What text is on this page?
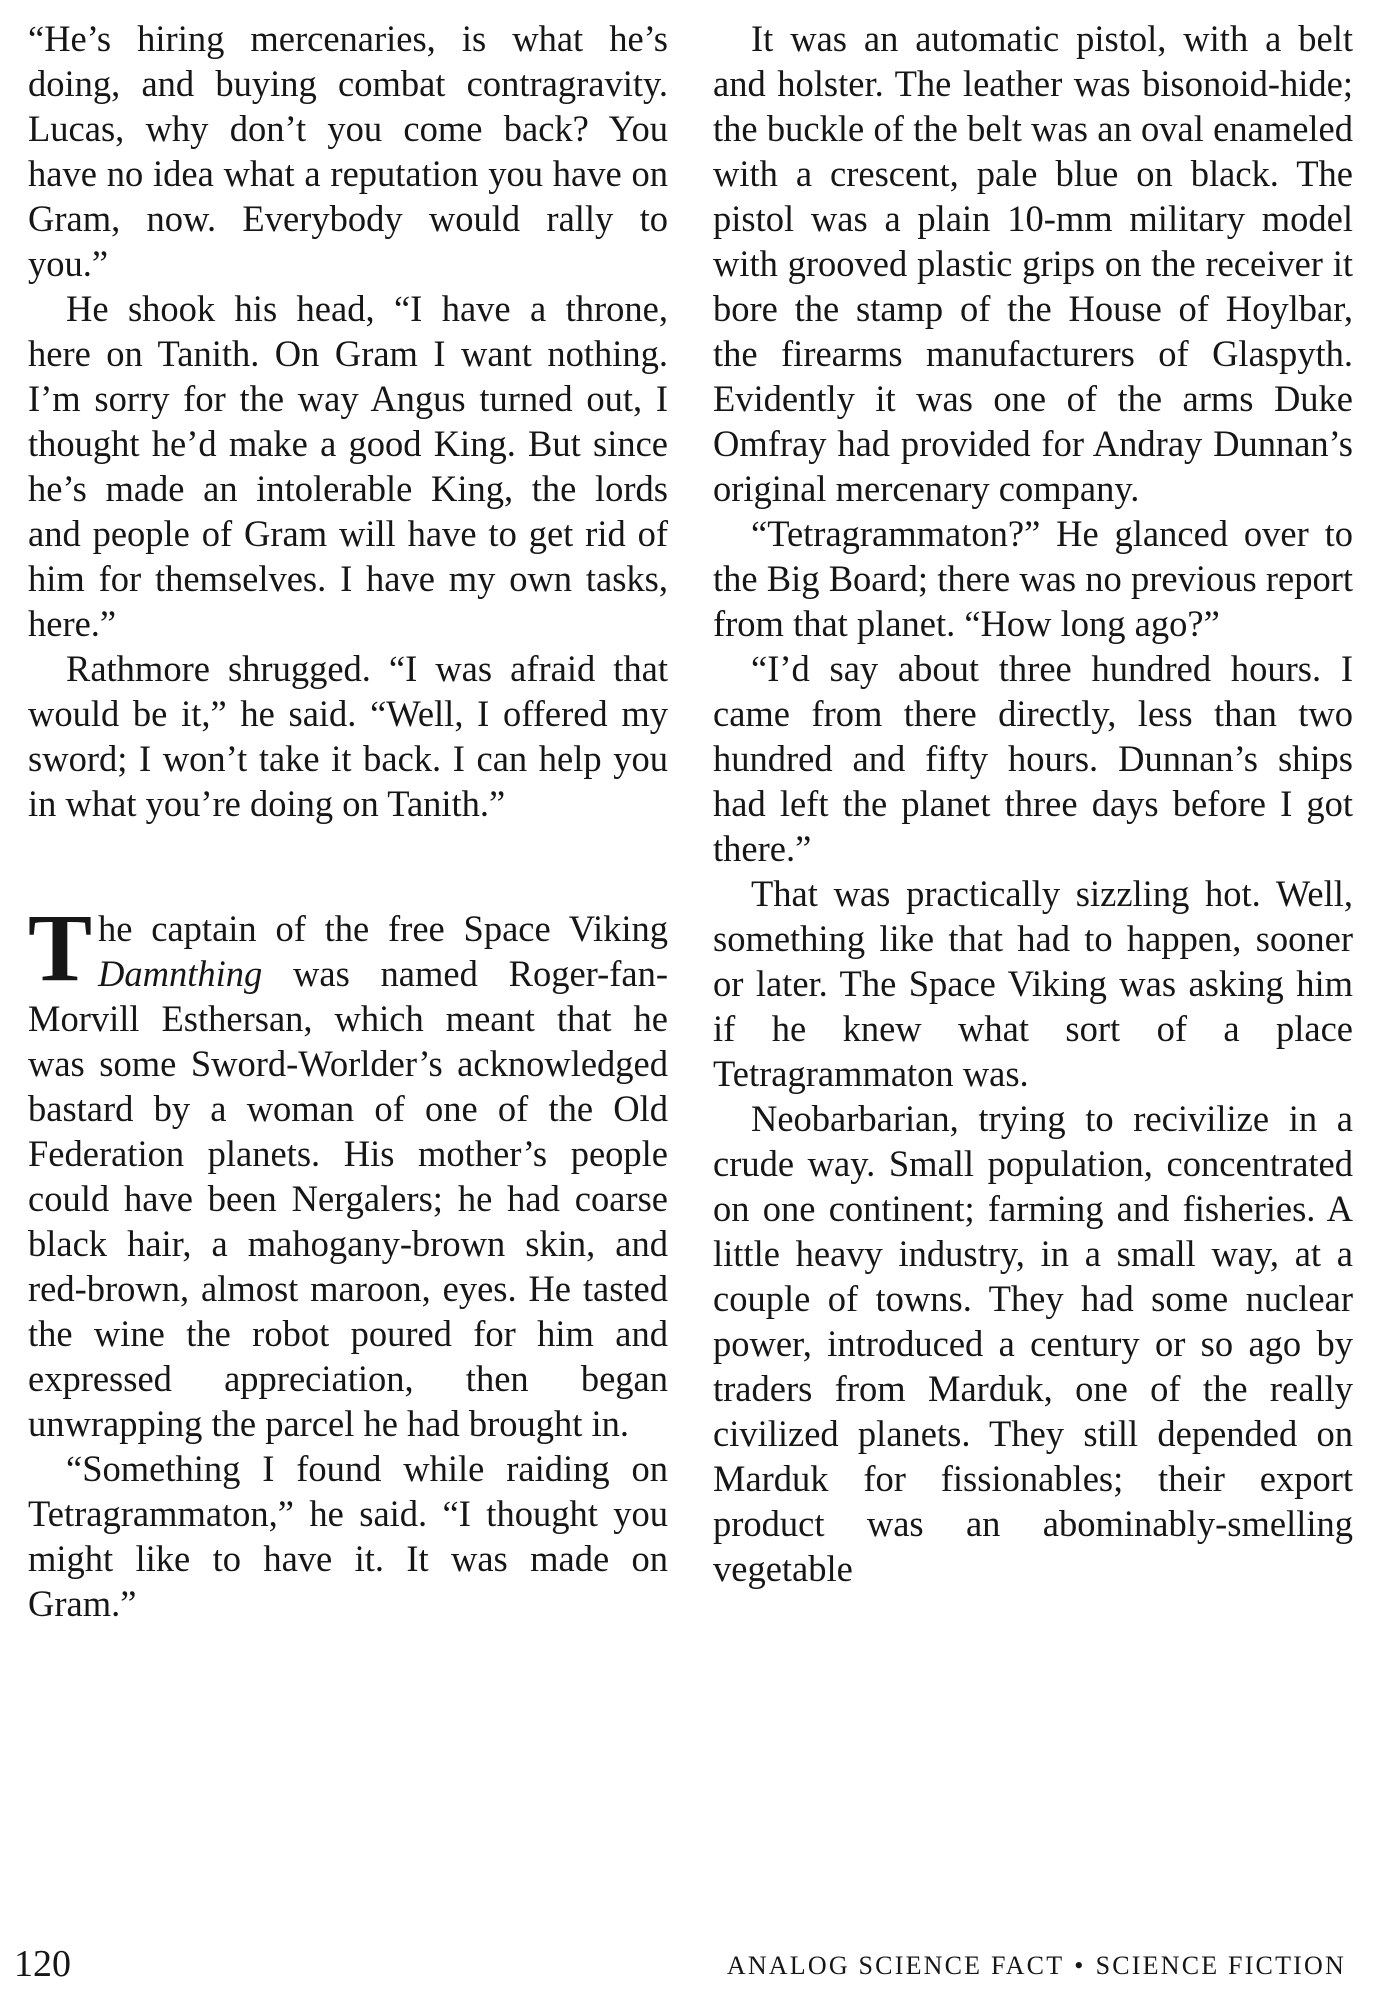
“He’s hiring mercenaries, is what he’s doing, and buying combat contragravity. Lucas, why don’t you come back? You have no idea what a reputation you have on Gram, now. Everybody would rally to you.”

He shook his head, “I have a throne, here on Tanith. On Gram I want nothing. I’m sorry for the way Angus turned out, I thought he’d make a good King. But since he’s made an intolerable King, the lords and people of Gram will have to get rid of him for themselves. I have my own tasks, here.”

Rathmore shrugged. “I was afraid that would be it,” he said. “Well, I offered my sword; I won’t take it back. I can help you in what you’re doing on Tanith.”

The captain of the free Space Viking Damnthing was named Roger-fan-Morvill Esthersan, which meant that he was some Sword-Worlder’s acknowledged bastard by a woman of one of the Old Federation planets. His mother’s people could have been Nergalers; he had coarse black hair, a mahogany-brown skin, and red-brown, almost maroon, eyes. He tasted the wine the robot poured for him and expressed appreciation, then began unwrapping the parcel he had brought in.

“Something I found while raiding on Tetragrammaton,” he said. “I thought you might like to have it. It was made on Gram.”

It was an automatic pistol, with a belt and holster. The leather was bisonoid-hide; the buckle of the belt was an oval enameled with a crescent, pale blue on black. The pistol was a plain 10-mm military model with grooved plastic grips on the receiver it bore the stamp of the House of Hoylbar, the firearms manufacturers of Glaspyth. Evidently it was one of the arms Duke Omfray had provided for Andray Dunnan’s original mercenary company.

“Tetragrammaton?” He glanced over to the Big Board; there was no previous report from that planet. “How long ago?”

“I’d say about three hundred hours. I came from there directly, less than two hundred and fifty hours. Dunnan’s ships had left the planet three days before I got there.”

That was practically sizzling hot. Well, something like that had to happen, sooner or later. The Space Viking was asking him if he knew what sort of a place Tetragrammaton was.

Neobarbarian, trying to recivilize in a crude way. Small population, concentrated on one continent; farming and fisheries. A little heavy industry, in a small way, at a couple of towns. They had some nuclear power, introduced a century or so ago by traders from Marduk, one of the really civilized planets. They still depended on Marduk for fissionables; their export product was an abominably-smelling vegetable

120	ANALOG SCIENCE FACT • SCIENCE FICTION
